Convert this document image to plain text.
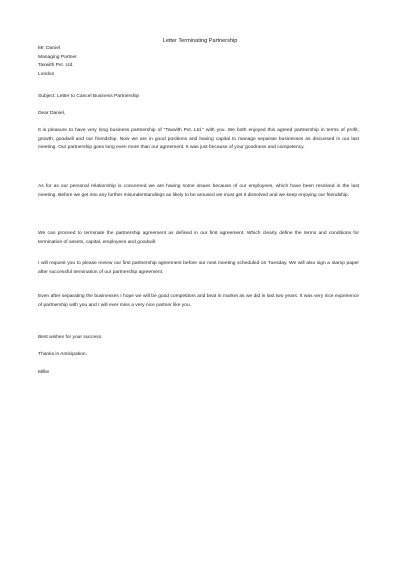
Letter Terminating Partnership
Mr. Daniel
Managing Partner
Taxwith Pvt. Ltd.
London
Subject: Letter to Cancel Business Partnership
Dear Daniel,

It is pleasure to have very long business partnership of "Taxwith Pvt. Ltd." with you. We both enjoyed this agreed partnership in terms of profit, growth, goodwill and our friendship. Now we are in good positions and having capital to manage separate businesses as discussed in our last meeting. Our partnership goes long even more than our agreement. It was just because of your goodness and competency.

As for as our personal relationship is concerned we are having some issues because of our employees, which have been resolved in the last meeting. Before we get into any further misunderstandings as likely to be aroused we must get it dissolved and we keep enjoying our friendship.

We can proceed to terminate the partnership agreement as defined in our first agreement. Which clearly define the terms and conditions for termination of assets, capital, employees and goodwill.

I will request you to please review our first partnership agreement before our next meeting scheduled on Tuesday. We will also sign a stamp paper after successful termination of our partnership agreement.

Even after separating the businesses I hope we will be good competitors and beat in market as we did in last two years. It was very nice experience of partnership with you and I will ever miss a very nice partner like you.

Best wishes for your success.
Thanks in Anticipation,
Millie
